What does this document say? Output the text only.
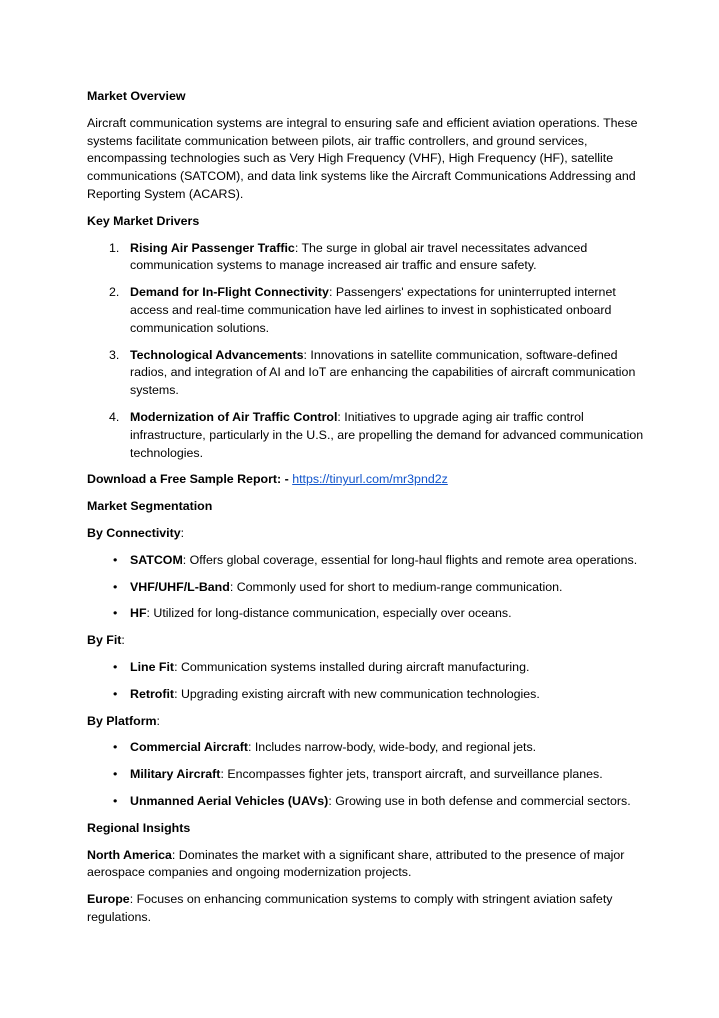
Market Overview

Aircraft communication systems are integral to ensuring safe and efficient aviation operations. These systems facilitate communication between pilots, air traffic controllers, and ground services, encompassing technologies such as Very High Frequency (VHF), High Frequency (HF), satellite communications (SATCOM), and data link systems like the Aircraft Communications Addressing and Reporting System (ACARS).

Key Market Drivers
1. Rising Air Passenger Traffic: The surge in global air travel necessitates advanced communication systems to manage increased air traffic and ensure safety.
2. Demand for In-Flight Connectivity: Passengers' expectations for uninterrupted internet access and real-time communication have led airlines to invest in sophisticated onboard communication solutions.
3. Technological Advancements: Innovations in satellite communication, software-defined radios, and integration of AI and IoT are enhancing the capabilities of aircraft communication systems.
4. Modernization of Air Traffic Control: Initiatives to upgrade aging air traffic control infrastructure, particularly in the U.S., are propelling the demand for advanced communication technologies.

Download a Free Sample Report: - https://tinyurl.com/mr3pnd2z

Market Segmentation

By Connectivity:

• SATCOM: Offers global coverage, essential for long-haul flights and remote area operations.
• VHF/UHF/L-Band: Commonly used for short to medium-range communication.
• HF: Utilized for long-distance communication, especially over oceans.

By Fit:

• Line Fit: Communication systems installed during aircraft manufacturing.
• Retrofit: Upgrading existing aircraft with new communication technologies.

By Platform:

• Commercial Aircraft: Includes narrow-body, wide-body, and regional jets.
• Military Aircraft: Encompasses fighter jets, transport aircraft, and surveillance planes.
• Unmanned Aerial Vehicles (UAVs): Growing use in both defense and commercial sectors.
Regional Insights

North America: Dominates the market with a significant share, attributed to the presence of major aerospace companies and ongoing modernization projects.

Europe: Focuses on enhancing communication systems to comply with stringent aviation safety regulations.
